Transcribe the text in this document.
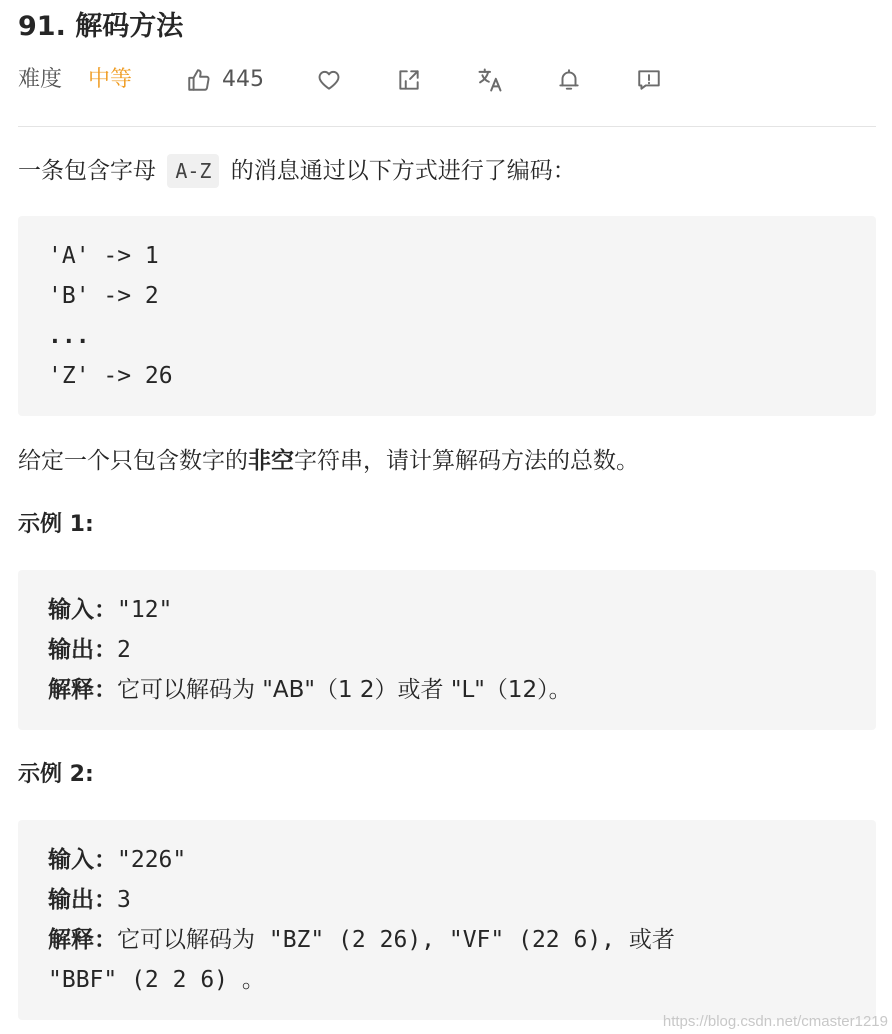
91. 解码方法
难度 中等	445
一条包含字母 A-Z 的消息通过以下方式进行了编码：
'A' -> 1
'B' -> 2
...
'Z' -> 26
给定一个只包含数字的非空字符串，请计算解码方法的总数。
示例 1:
输入："12"
输出：2
解释：它可以解码为 "AB"（1 2）或者 "L"（12）。
示例 2:
输入："226"
输出：3
解释：它可以解码为 "BZ" (2 26), "VF" (22 6), 或者
"BBF" (2 2 6) 。
https://blog.csdn.net/cmaster1219
